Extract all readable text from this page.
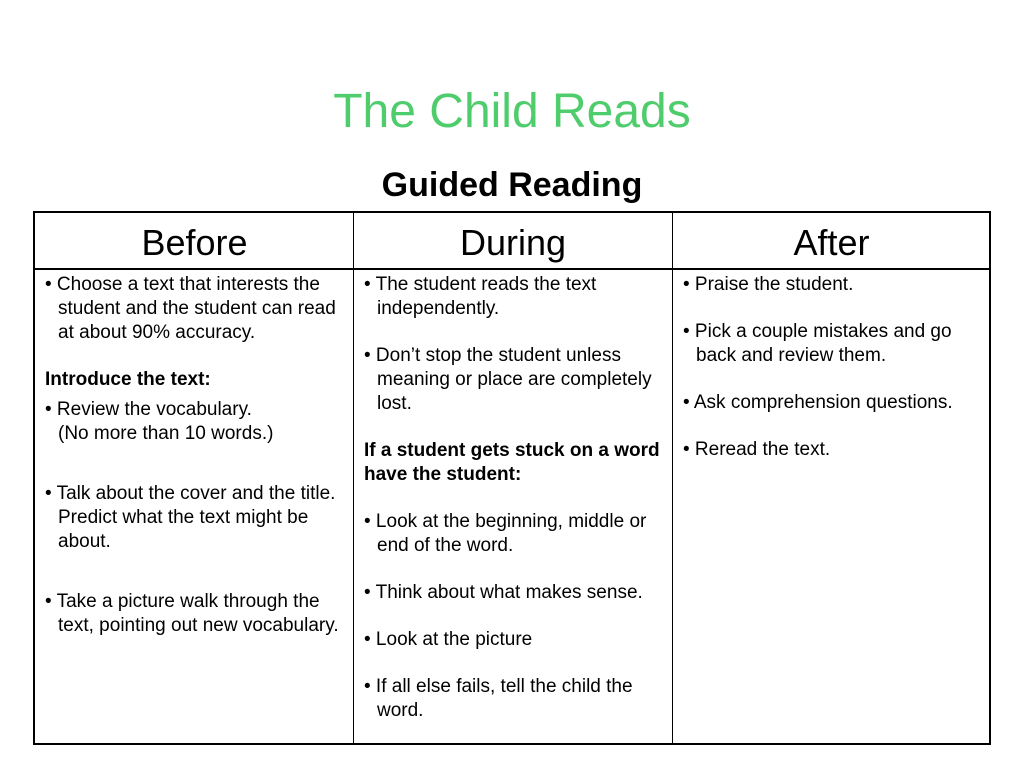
The Child Reads
Guided Reading
Before	During	After

• Choose a text that interests the student and the student can read at about 90% accuracy.

Introduce the text:

• Review the vocabulary.

(No more than 10 words.)

• Talk about the cover and the title. Predict what the text might be about.

• Take a picture walk through the text, pointing out new vocabulary.

• The student reads the text independently.

• Don’t stop the student unless meaning or place are completely lost.

If a student gets stuck on a word have the student:

• Look at the beginning, middle or end of the word.

• Think about what makes sense.

• Look at the picture

• If all else fails, tell the child the word.

• Praise the student.

• Pick a couple mistakes and go back and review them.

• Ask comprehension questions.

• Reread the text.
